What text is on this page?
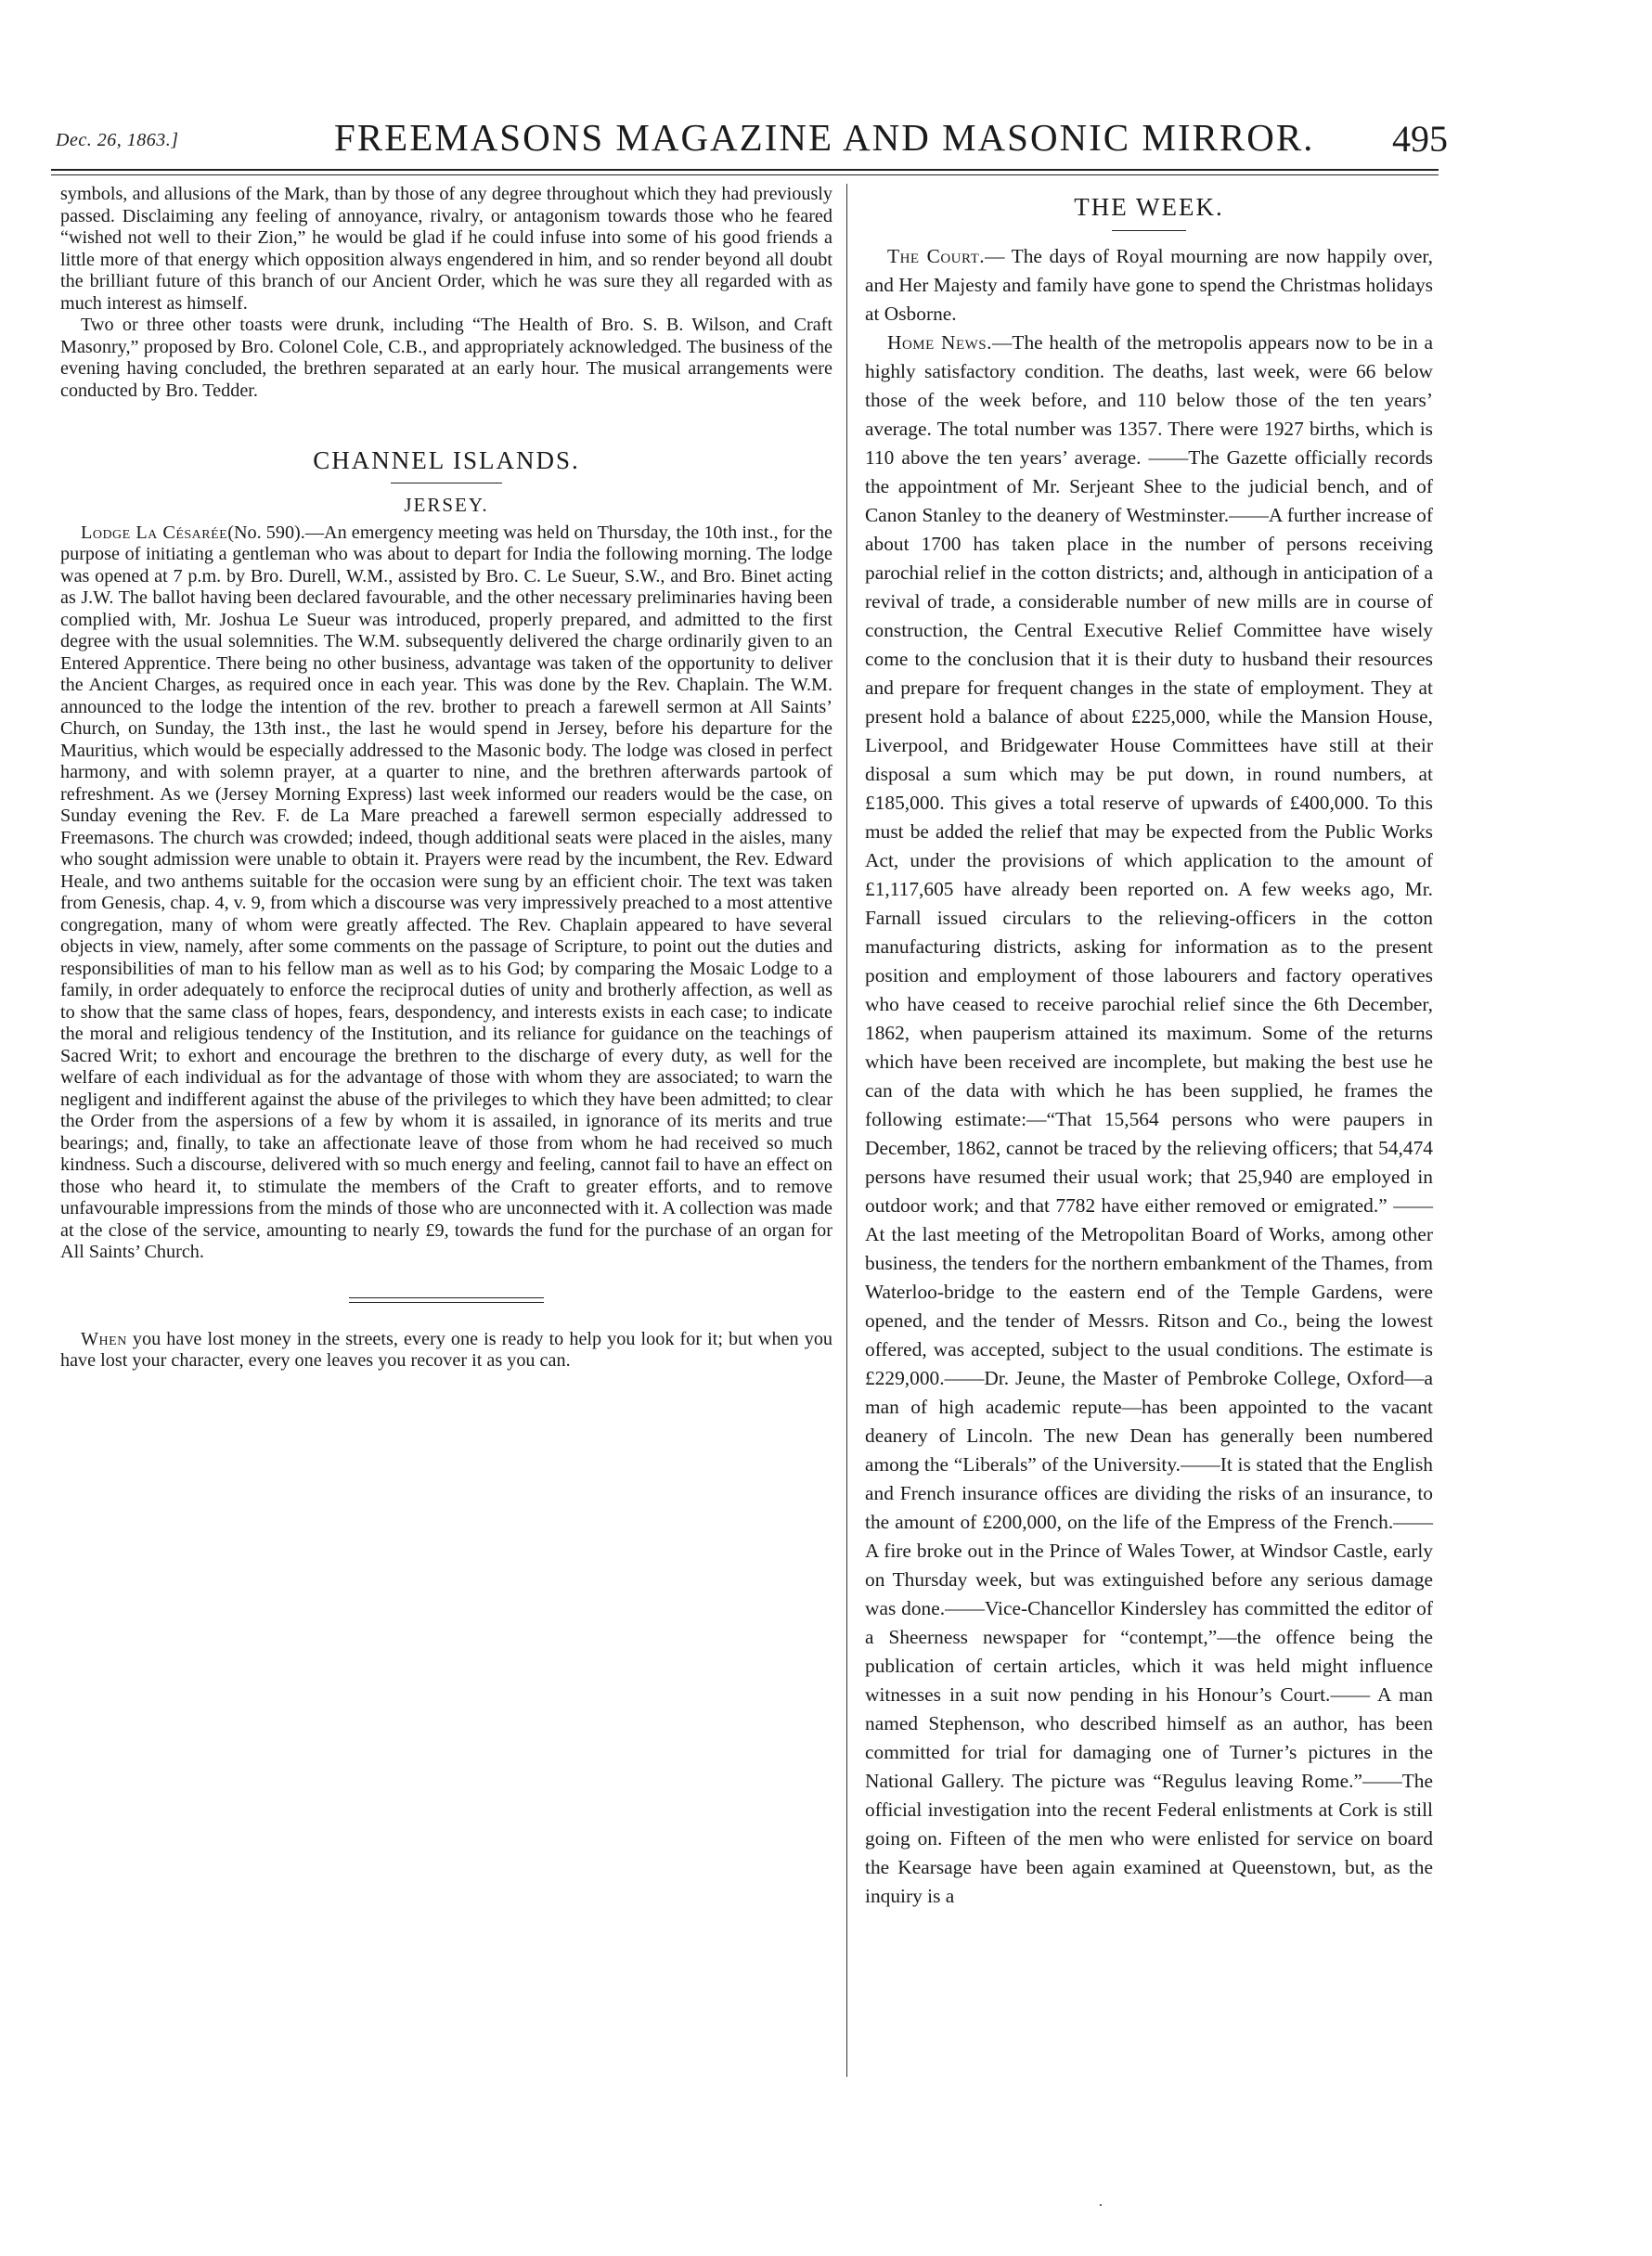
Dec. 26, 1863.]	FREEMASONS MAGAZINE AND MASONIC MIRROR. 495

symbols, and allusions of the Mark, than by those of any degree throughout which they had previously passed. Disclaiming any feeling of annoyance, rivalry, or antagonism towards those who he feared “wished not well to their Zion,” he would be glad if he could infuse into some of his good friends a little more of that energy which opposition always engendered in him, and so render beyond all doubt the brilliant future of this branch of our Ancient Order, which he was sure they all regarded with as much interest as himself.

Two or three other toasts were drunk, including “The Health of Bro. S. B. Wilson, and Craft Masonry,” proposed by Bro. Colonel Cole, C.B., and appropriately acknowledged. The business of the evening having concluded, the brethren separated at an early hour. The musical arrangements were conducted by Bro. Tedder.

CHANNEL ISLANDS.
JERSEY.

Lodge La Césarée(No. 590).—An emergency meeting was held on Thursday, the 10th inst., for the purpose of initiating a gentleman who was about to depart for India the following morning. The lodge was opened at 7 p.m. by Bro. Durell, W.M., assisted by Bro. C. Le Sueur, S.W., and Bro. Binet acting as J.W. The ballot having been declared favourable, and the other necessary preliminaries having been complied with, Mr. Joshua Le Sueur was introduced, properly prepared, and admitted to the first degree with the usual solemnities. The W.M. subsequently delivered the charge ordinarily given to an Entered Apprentice. There being no other business, advantage was taken of the opportunity to deliver the Ancient Charges, as required once in each year. This was done by the Rev. Chaplain. The W.M. announced to the lodge the intention of the rev. brother to preach a farewell sermon at All Saints’ Church, on Sunday, the 13th inst., the last he would spend in Jersey, before his departure for the Mauritius, which would be especially addressed to the Masonic body. The lodge was closed in perfect harmony, and with solemn prayer, at a quarter to nine, and the brethren afterwards partook of refreshment. As we (Jersey Morning Express) last week informed our readers would be the case, on Sunday evening the Rev. F. de La Mare preached a farewell sermon especially addressed to Freemasons. The church was crowded; indeed, though additional seats were placed in the aisles, many who sought admission were unable to obtain it. Prayers were read by the incumbent, the Rev. Edward Heale, and two anthems suitable for the occasion were sung by an efficient choir. The text was taken from Genesis, chap. 4, v. 9, from which a discourse was very impressively preached to a most attentive congregation, many of whom were greatly affected. The Rev. Chaplain appeared to have several objects in view, namely, after some comments on the passage of Scripture, to point out the duties and responsibilities of man to his fellow man as well as to his God; by comparing the Mosaic Lodge to a family, in order adequately to enforce the reciprocal duties of unity and brotherly affection, as well as to show that the same class of hopes, fears, despondency, and interests exists in each case; to indicate the moral and religious tendency of the Institution, and its reliance for guidance on the teachings of Sacred Writ; to exhort and encourage the brethren to the discharge of every duty, as well for the welfare of each individual as for the advantage of those with whom they are associated; to warn the negligent and indifferent against the abuse of the privileges to which they have been admitted; to clear the Order from the aspersions of a few by whom it is assailed, in ignorance of its merits and true bearings; and, finally, to take an affectionate leave of those from whom he had received so much kindness. Such a discourse, delivered with so much energy and feeling, cannot fail to have an effect on those who heard it, to stimulate the members of the Craft to greater efforts, and to remove unfavourable impressions from the minds of those who are unconnected with it. A collection was made at the close of the service, amounting to nearly £9, towards the fund for the purchase of an organ for All Saints’ Church.

When you have lost money in the streets, every one is ready to help you look for it; but when you have lost your character, every one leaves you recover it as you can.

THE WEEK.

The Court.— The days of Royal mourning are now happily over, and Her Majesty and family have gone to spend the Christmas holidays at Osborne.

Home News.—The health of the metropolis appears now to be in a highly satisfactory condition. The deaths, last week, were 66 below those of the week before, and 110 below those of the ten years’ average. The total number was 1357. There were 1927 births, which is 110 above the ten years’ average. ——The Gazette officially records the appointment of Mr. Serjeant Shee to the judicial bench, and of Canon Stanley to the deanery of Westminster.——A further increase of about 1700 has taken place in the number of persons receiving parochial relief in the cotton districts; and, although in anticipation of a revival of trade, a considerable number of new mills are in course of construction, the Central Executive Relief Committee have wisely come to the conclusion that it is their duty to husband their resources and prepare for frequent changes in the state of employment. They at present hold a balance of about £225,000, while the Mansion House, Liverpool, and Bridgewater House Committees have still at their disposal a sum which may be put down, in round numbers, at £185,000. This gives a total reserve of upwards of £400,000. To this must be added the relief that may be expected from the Public Works Act, under the provisions of which application to the amount of £1,117,605 have already been reported on. A few weeks ago, Mr. Farnall issued circulars to the relieving-officers in the cotton manufacturing districts, asking for information as to the present position and employment of those labourers and factory operatives who have ceased to receive parochial relief since the 6th December, 1862, when pauperism attained its maximum. Some of the returns which have been received are incomplete, but making the best use he can of the data with which he has been supplied, he frames the following estimate:—“That 15,564 persons who were paupers in December, 1862, cannot be traced by the relieving officers; that 54,474 persons have resumed their usual work; that 25,940 are employed in outdoor work; and that 7782 have either removed or emigrated.” —— At the last meeting of the Metropolitan Board of Works, among other business, the tenders for the northern embankment of the Thames, from Waterloo-bridge to the eastern end of the Temple Gardens, were opened, and the tender of Messrs. Ritson and Co., being the lowest offered, was accepted, subject to the usual conditions. The estimate is £229,000.——Dr. Jeune, the Master of Pembroke College, Oxford—a man of high academic repute—has been appointed to the vacant deanery of Lincoln. The new Dean has generally been numbered among the “Liberals” of the University.——It is stated that the English and French insurance offices are dividing the risks of an insurance, to the amount of £200,000, on the life of the Empress of the French.——A fire broke out in the Prince of Wales Tower, at Windsor Castle, early on Thursday week, but was extinguished before any serious damage was done.——Vice-Chancellor Kindersley has committed the editor of a Sheerness newspaper for “contempt,”—the offence being the publication of certain articles, which it was held might influence witnesses in a suit now pending in his Honour’s Court.—— A man named Stephenson, who described himself as an author, has been committed for trial for damaging one of Turner’s pictures in the National Gallery. The picture was “Regulus leaving Rome.”——The official investigation into the recent Federal enlistments at Cork is still going on. Fifteen of the men who were enlisted for service on board the Kearsage have been again examined at Queenstown, but, as the inquiry is a

.
